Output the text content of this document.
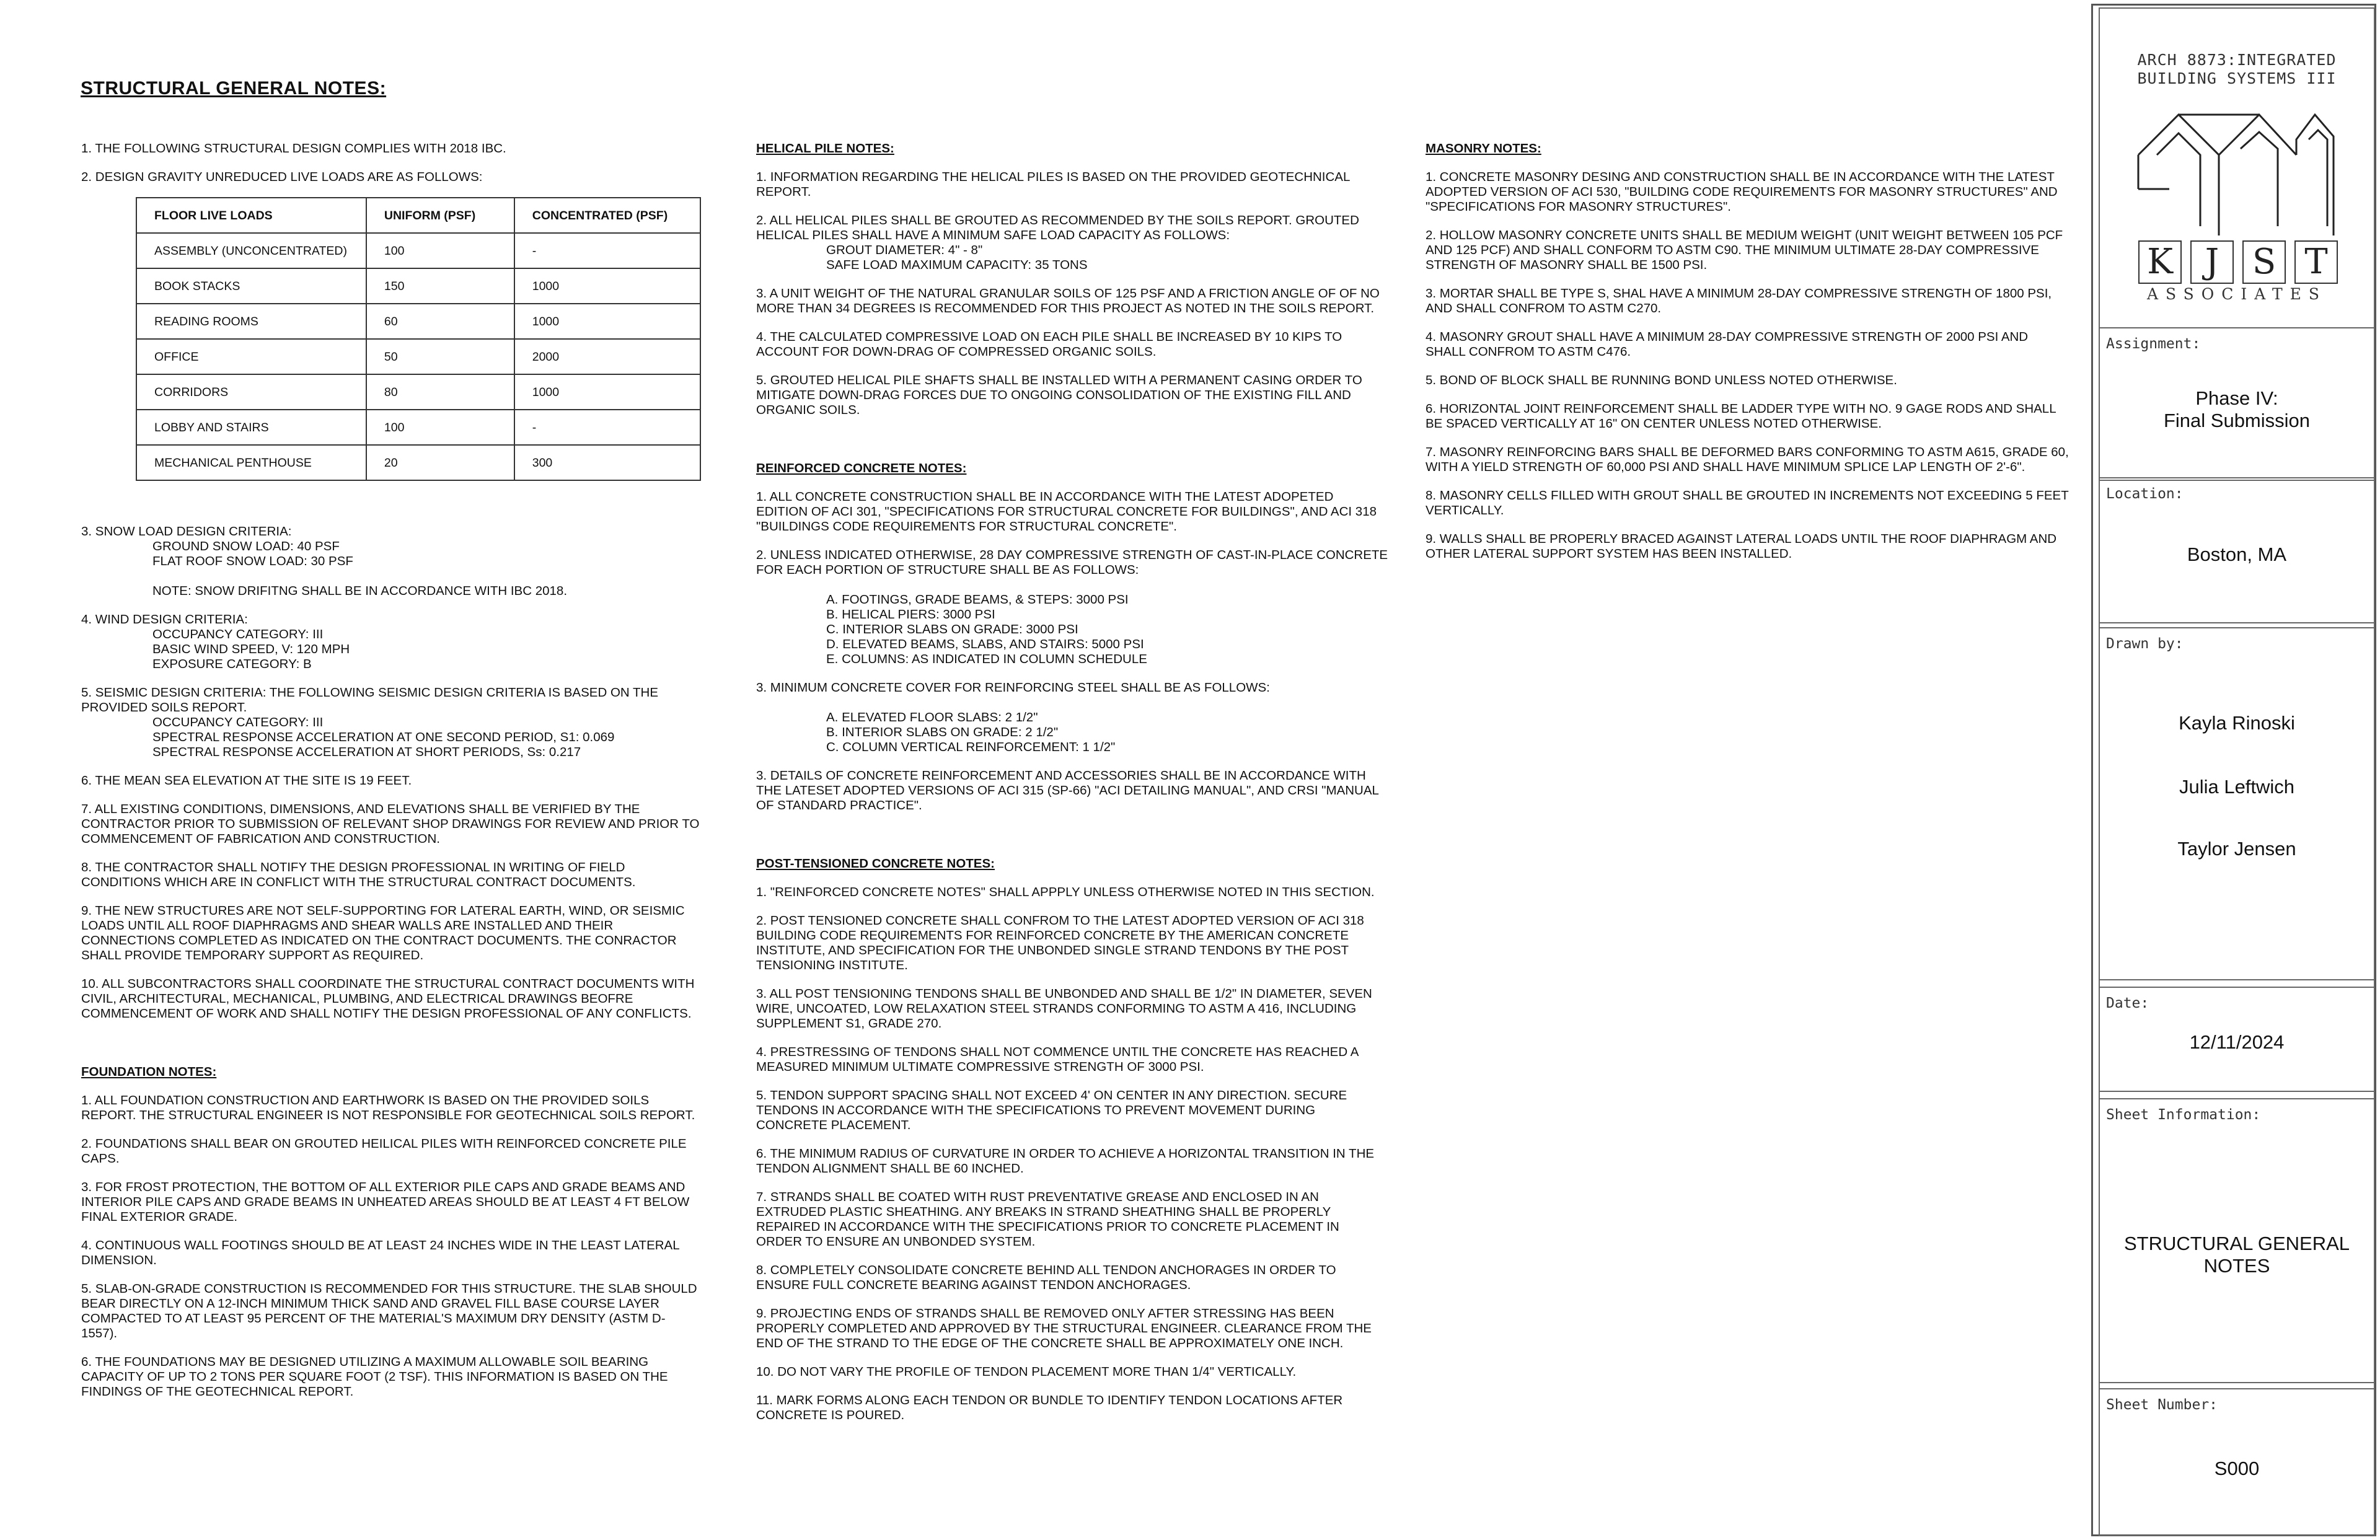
STRUCTURAL GENERAL NOTES:
1. THE FOLLOWING STRUCTURAL DESIGN COMPLIES WITH 2018 IBC.
2. DESIGN GRAVITY UNREDUCED LIVE LOADS ARE AS FOLLOWS:
FLOOR LIVE LOADS	UNIFORM (PSF)	CONCENTRATED (PSF)
ASSEMBLY (UNCONCENTRATED)	100	-
BOOK STACKS	150	1000
READING ROOMS	60	1000
OFFICE	50	2000
CORRIDORS	80	1000
LOBBY AND STAIRS	100	-
MECHANICAL PENTHOUSE	20	300
3. SNOW LOAD DESIGN CRITERIA:
GROUND SNOW LOAD: 40 PSF
FLAT ROOF SNOW LOAD: 30 PSF
NOTE: SNOW DRIFITNG SHALL BE IN ACCORDANCE WITH IBC 2018.
4. WIND DESIGN CRITERIA:
OCCUPANCY CATEGORY: III
BASIC WIND SPEED, V: 120 MPH
EXPOSURE CATEGORY: B
5. SEISMIC DESIGN CRITERIA: THE FOLLOWING SEISMIC DESIGN CRITERIA IS BASED ON THE PROVIDED SOILS REPORT.
OCCUPANCY CATEGORY: III
SPECTRAL RESPONSE ACCELERATION AT ONE SECOND PERIOD, S1: 0.069
SPECTRAL RESPONSE ACCELERATION AT SHORT PERIODS, Ss: 0.217
6. THE MEAN SEA ELEVATION AT THE SITE IS 19 FEET.
7. ALL EXISTING CONDITIONS, DIMENSIONS, AND ELEVATIONS SHALL BE VERIFIED BY THE CONTRACTOR PRIOR TO SUBMISSION OF RELEVANT SHOP DRAWINGS FOR REVIEW AND PRIOR TO COMMENCEMENT OF FABRICATION AND CONSTRUCTION.
8. THE CONTRACTOR SHALL NOTIFY THE DESIGN PROFESSIONAL IN WRITING OF FIELD CONDITIONS WHICH ARE IN CONFLICT WITH THE STRUCTURAL CONTRACT DOCUMENTS.
9. THE NEW STRUCTURES ARE NOT SELF-SUPPORTING FOR LATERAL EARTH, WIND, OR SEISMIC LOADS UNTIL ALL ROOF DIAPHRAGMS AND SHEAR WALLS ARE INSTALLED AND THEIR CONNECTIONS COMPLETED AS INDICATED ON THE CONTRACT DOCUMENTS. THE CONRACTOR SHALL PROVIDE TEMPORARY SUPPORT AS REQUIRED.
10. ALL SUBCONTRACTORS SHALL COORDINATE THE STRUCTURAL CONTRACT DOCUMENTS WITH CIVIL, ARCHITECTURAL, MECHANICAL, PLUMBING, AND ELECTRICAL DRAWINGS BEOFRE COMMENCEMENT OF WORK AND SHALL NOTIFY THE DESIGN PROFESSIONAL OF ANY CONFLICTS.
FOUNDATION NOTES:
1. ALL FOUNDATION CONSTRUCTION AND EARTHWORK IS BASED ON THE PROVIDED SOILS REPORT. THE STRUCTURAL ENGINEER IS NOT RESPONSIBLE FOR GEOTECHNICAL SOILS REPORT.
2. FOUNDATIONS SHALL BEAR ON GROUTED HEILICAL PILES WITH REINFORCED CONCRETE PILE CAPS.
3. FOR FROST PROTECTION, THE BOTTOM OF ALL EXTERIOR PILE CAPS AND GRADE BEAMS AND INTERIOR PILE CAPS AND GRADE BEAMS IN UNHEATED AREAS SHOULD BE AT LEAST 4 FT BELOW FINAL EXTERIOR GRADE.
4. CONTINUOUS WALL FOOTINGS SHOULD BE AT LEAST 24 INCHES WIDE IN THE LEAST LATERAL DIMENSION.
5. SLAB-ON-GRADE CONSTRUCTION IS RECOMMENDED FOR THIS STRUCTURE. THE SLAB SHOULD BEAR DIRECTLY ON A 12-INCH MINIMUM THICK SAND AND GRAVEL FILL BASE COURSE LAYER COMPACTED TO AT LEAST 95 PERCENT OF THE MATERIAL'S MAXIMUM DRY DENSITY (ASTM D-1557).
6. THE FOUNDATIONS MAY BE DESIGNED UTILIZING A MAXIMUM ALLOWABLE SOIL BEARING CAPACITY OF UP TO 2 TONS PER SQUARE FOOT (2 TSF). THIS INFORMATION IS BASED ON THE FINDINGS OF THE GEOTECHNICAL REPORT.
HELICAL PILE NOTES:
1. INFORMATION REGARDING THE HELICAL PILES IS BASED ON THE PROVIDED GEOTECHNICAL REPORT.
2. ALL HELICAL PILES SHALL BE GROUTED AS RECOMMENDED BY THE SOILS REPORT. GROUTED HELICAL PILES SHALL HAVE A MINIMUM SAFE LOAD CAPACITY AS FOLLOWS:
GROUT DIAMETER: 4" - 8"
SAFE LOAD MAXIMUM CAPACITY: 35 TONS
3. A UNIT WEIGHT OF THE NATURAL GRANULAR SOILS OF 125 PSF AND A FRICTION ANGLE OF OF NO MORE THAN 34 DEGREES IS RECOMMENDED FOR THIS PROJECT AS NOTED IN THE SOILS REPORT.
4. THE CALCULATED COMPRESSIVE LOAD ON EACH PILE SHALL BE INCREASED BY 10 KIPS TO ACCOUNT FOR DOWN-DRAG OF COMPRESSED ORGANIC SOILS.
5. GROUTED HELICAL PILE SHAFTS SHALL BE INSTALLED WITH A PERMANENT CASING ORDER TO MITIGATE DOWN-DRAG FORCES DUE TO ONGOING CONSOLIDATION OF THE EXISTING FILL AND ORGANIC SOILS.
REINFORCED CONCRETE NOTES:
1. ALL CONCRETE CONSTRUCTION SHALL BE IN ACCORDANCE WITH THE LATEST ADOPETED EDITION OF ACI 301, "SPECIFICATIONS FOR STRUCTURAL CONCRETE FOR BUILDINGS", AND ACI 318 "BUILDINGS CODE REQUIREMENTS FOR STRUCTURAL CONCRETE".
2. UNLESS INDICATED OTHERWISE, 28 DAY COMPRESSIVE STRENGTH OF CAST-IN-PLACE CONCRETE FOR EACH PORTION OF STRUCTURE SHALL BE AS FOLLOWS:
A. FOOTINGS, GRADE BEAMS, & STEPS: 3000 PSI
B. HELICAL PIERS: 3000 PSI
C. INTERIOR SLABS ON GRADE: 3000 PSI
D. ELEVATED BEAMS, SLABS, AND STAIRS: 5000 PSI
E. COLUMNS: AS INDICATED IN COLUMN SCHEDULE
3. MINIMUM CONCRETE COVER FOR REINFORCING STEEL SHALL BE AS FOLLOWS:
A. ELEVATED FLOOR SLABS: 2 1/2"
B. INTERIOR SLABS ON GRADE: 2 1/2"
C. COLUMN VERTICAL REINFORCEMENT: 1 1/2"
3. DETAILS OF CONCRETE REINFORCEMENT AND ACCESSORIES SHALL BE IN ACCORDANCE WITH THE LATESET ADOPTED VERSIONS OF ACI 315 (SP-66) "ACI DETAILING MANUAL", AND CRSI "MANUAL OF STANDARD PRACTICE".
POST-TENSIONED CONCRETE NOTES:
1. "REINFORCED CONCRETE NOTES" SHALL APPPLY UNLESS OTHERWISE NOTED IN THIS SECTION.
2. POST TENSIONED CONCRETE SHALL CONFROM TO THE LATEST ADOPTED VERSION OF ACI 318 BUILDING CODE REQUIREMENTS FOR REINFORCED CONCRETE BY THE AMERICAN CONCRETE INSTITUTE, AND SPECIFICATION FOR THE UNBONDED SINGLE STRAND TENDONS BY THE POST TENSIONING INSTITUTE.
3. ALL POST TENSIONING TENDONS SHALL BE UNBONDED AND SHALL BE 1/2" IN DIAMETER, SEVEN WIRE, UNCOATED, LOW RELAXATION STEEL STRANDS CONFORMING TO ASTM A 416, INCLUDING SUPPLEMENT S1, GRADE 270.
4. PRESTRESSING OF TENDONS SHALL NOT COMMENCE UNTIL THE CONCRETE HAS REACHED A MEASURED MINIMUM ULTIMATE COMPRESSIVE STRENGTH OF 3000 PSI.
5. TENDON SUPPORT SPACING SHALL NOT EXCEED 4' ON CENTER IN ANY DIRECTION. SECURE TENDONS IN ACCORDANCE WITH THE SPECIFICATIONS TO PREVENT MOVEMENT DURING CONCRETE PLACEMENT.
6. THE MINIMUM RADIUS OF CURVATURE IN ORDER TO ACHIEVE A HORIZONTAL TRANSITION IN THE TENDON ALIGNMENT SHALL BE 60 INCHED.
7. STRANDS SHALL BE COATED WITH RUST PREVENTATIVE GREASE AND ENCLOSED IN AN EXTRUDED PLASTIC SHEATHING. ANY BREAKS IN STRAND SHEATHING SHALL BE PROPERLY REPAIRED IN ACCORDANCE WITH THE SPECIFICATIONS PRIOR TO CONCRETE PLACEMENT IN ORDER TO ENSURE AN UNBONDED SYSTEM.
8. COMPLETELY CONSOLIDATE CONCRETE BEHIND ALL TENDON ANCHORAGES IN ORDER TO ENSURE FULL CONCRETE BEARING AGAINST TENDON ANCHORAGES.
9. PROJECTING ENDS OF STRANDS SHALL BE REMOVED ONLY AFTER STRESSING HAS BEEN PROPERLY COMPLETED AND APPROVED BY THE STRUCTURAL ENGINEER. CLEARANCE FROM THE END OF THE STRAND TO THE EDGE OF THE CONCRETE SHALL BE APPROXIMATELY ONE INCH.
10. DO NOT VARY THE PROFILE OF TENDON PLACEMENT MORE THAN 1/4" VERTICALLY.
11. MARK FORMS ALONG EACH TENDON OR BUNDLE TO IDENTIFY TENDON LOCATIONS AFTER CONCRETE IS POURED.
MASONRY NOTES:
1. CONCRETE MASONRY DESING AND CONSTRUCTION SHALL BE IN ACCORDANCE WITH THE LATEST ADOPTED VERSION OF ACI 530, "BUILDING CODE REQUIREMENTS FOR MASONRY STRUCTURES" AND "SPECIFICATIONS FOR MASONRY STRUCTURES".
2. HOLLOW MASONRY CONCRETE UNITS SHALL BE MEDIUM WEIGHT (UNIT WEIGHT BETWEEN 105 PCF AND 125 PCF) AND SHALL CONFORM TO ASTM C90. THE MINIMUM ULTIMATE 28-DAY COMPRESSIVE STRENGTH OF MASONRY SHALL BE 1500 PSI.
3. MORTAR SHALL BE TYPE S, SHAL HAVE A MINIMUM 28-DAY COMPRESSIVE STRENGTH OF 1800 PSI, AND SHALL CONFROM TO ASTM C270.
4. MASONRY GROUT SHALL HAVE A MINIMUM 28-DAY COMPRESSIVE STRENGTH OF 2000 PSI AND SHALL CONFROM TO ASTM C476.
5. BOND OF BLOCK SHALL BE RUNNING BOND UNLESS NOTED OTHERWISE.
6. HORIZONTAL JOINT REINFORCEMENT SHALL BE LADDER TYPE WITH NO. 9 GAGE RODS AND SHALL BE SPACED VERTICALLY AT 16" ON CENTER UNLESS NOTED OTHERWISE.
7. MASONRY REINFORCING BARS SHALL BE DEFORMED BARS CONFORMING TO ASTM A615, GRADE 60, WITH A YIELD STRENGTH OF 60,000 PSI AND SHALL HAVE MINIMUM SPLICE LAP LENGTH OF 2'-6".
8. MASONRY CELLS FILLED WITH GROUT SHALL BE GROUTED IN INCREMENTS NOT EXCEEDING 5 FEET VERTICALLY.
9. WALLS SHALL BE PROPERLY BRACED AGAINST LATERAL LOADS UNTIL THE ROOF DIAPHRAGM AND OTHER LATERAL SUPPORT SYSTEM HAS BEEN INSTALLED.
ARCH 8873:INTEGRATED
BUILDING SYSTEMS III
K J S T
ASSOCIATES
Assignment:
Phase IV:
Final Submission
Location:
Boston, MA
Drawn by:
Kayla Rinoski
Julia Leftwich
Taylor Jensen
Date:
12/11/2024
Sheet Information:
STRUCTURAL GENERAL
NOTES
Sheet Number:
S000
